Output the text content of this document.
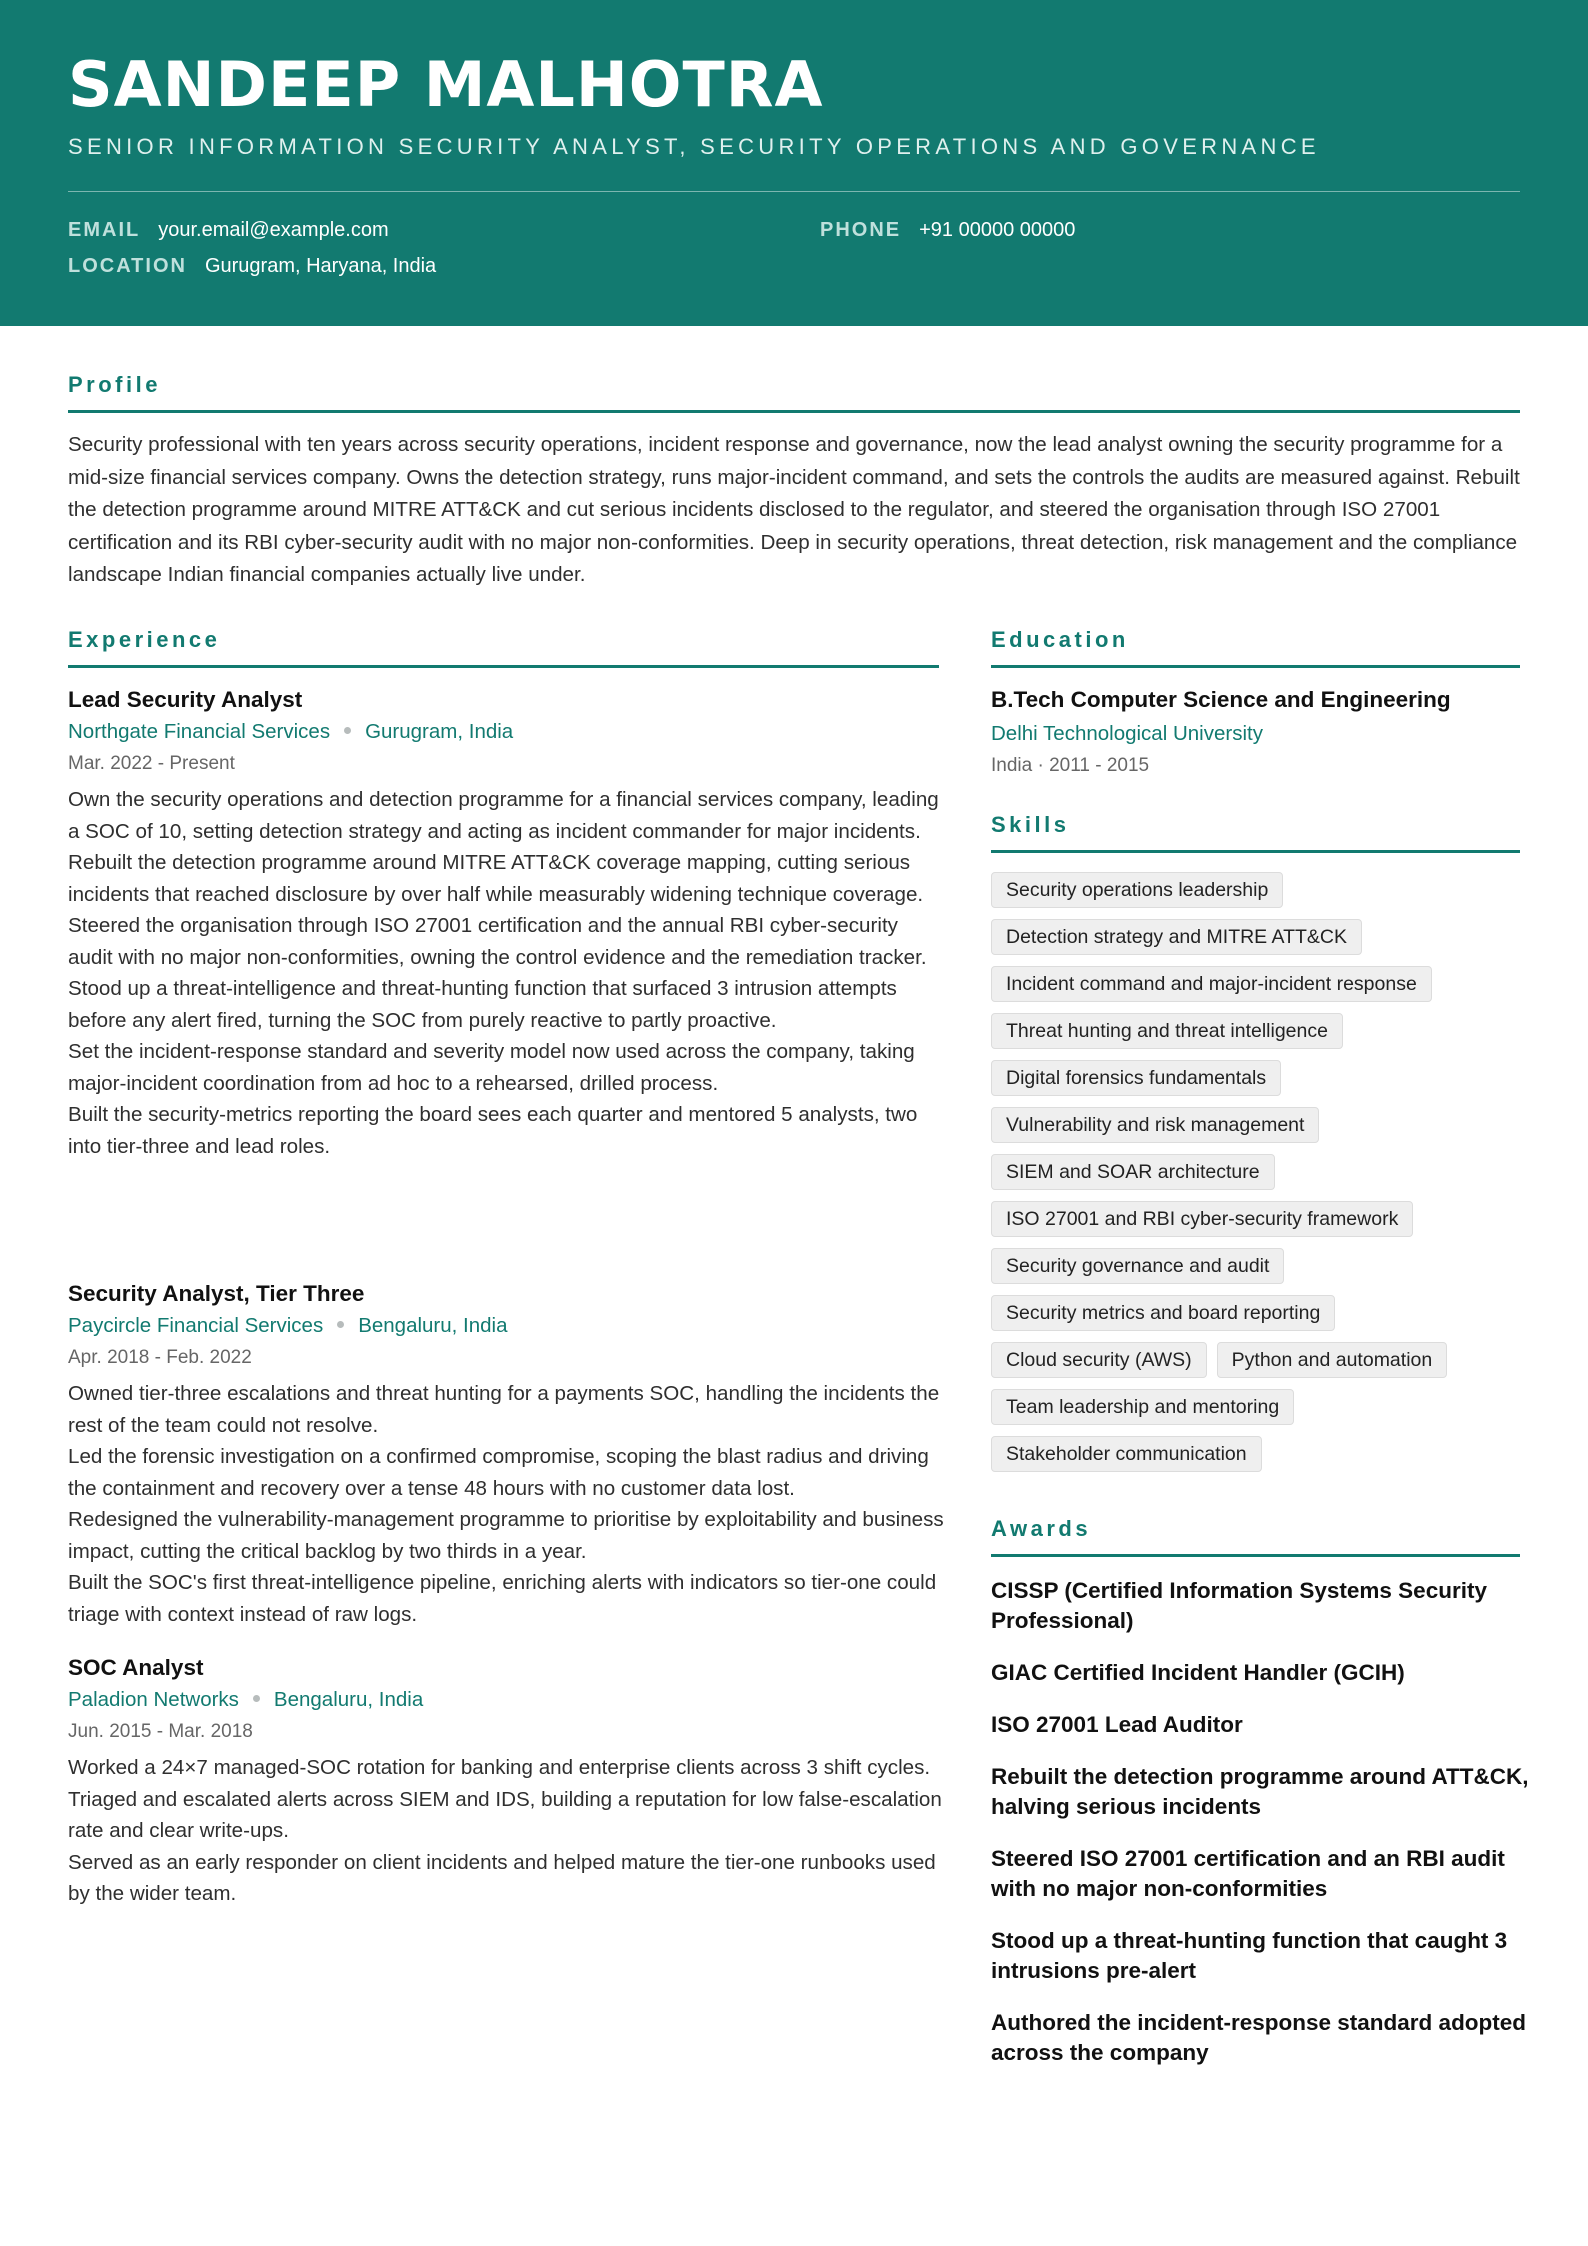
SANDEEP MALHOTRA
SENIOR INFORMATION SECURITY ANALYST, SECURITY OPERATIONS AND GOVERNANCE
EMAIL your.email@example.com	PHONE +91 00000 00000
LOCATION Gurugram, Haryana, India
Profile
Security professional with ten years across security operations, incident response and governance, now the lead analyst owning the security programme for a mid-size financial services company. Owns the detection strategy, runs major-incident command, and sets the controls the audits are measured against. Rebuilt the detection programme around MITRE ATT&CK and cut serious incidents disclosed to the regulator, and steered the organisation through ISO 27001 certification and its RBI cyber-security audit with no major non-conformities. Deep in security operations, threat detection, risk management and the compliance landscape Indian financial companies actually live under.
Experience
Lead Security Analyst
Northgate Financial Services Gurugram, India
Mar. 2022 - Present

Own the security operations and detection programme for a financial services company, leading a SOC of 10, setting detection strategy and acting as incident commander for major incidents.

Rebuilt the detection programme around MITRE ATT&CK coverage mapping, cutting serious incidents that reached disclosure by over half while measurably widening technique coverage.

Steered the organisation through ISO 27001 certification and the annual RBI cyber-security audit with no major non-conformities, owning the control evidence and the remediation tracker.

Stood up a threat-intelligence and threat-hunting function that surfaced 3 intrusion attempts before any alert fired, turning the SOC from purely reactive to partly proactive.

Set the incident-response standard and severity model now used across the company, taking major-incident coordination from ad hoc to a rehearsed, drilled process.

Built the security-metrics reporting the board sees each quarter and mentored 5 analysts, two into tier-three and lead roles.

Security Analyst, Tier Three
Paycircle Financial Services Bengaluru, India
Apr. 2018 - Feb. 2022

Owned tier-three escalations and threat hunting for a payments SOC, handling the incidents the rest of the team could not resolve.

Led the forensic investigation on a confirmed compromise, scoping the blast radius and driving the containment and recovery over a tense 48 hours with no customer data lost.

Redesigned the vulnerability-management programme to prioritise by exploitability and business impact, cutting the critical backlog by two thirds in a year.

Built the SOC's first threat-intelligence pipeline, enriching alerts with indicators so tier-one could triage with context instead of raw logs.

SOC Analyst
Paladion Networks Bengaluru, India
Jun. 2015 - Mar. 2018

Worked a 24×7 managed-SOC rotation for banking and enterprise clients across 3 shift cycles.

Triaged and escalated alerts across SIEM and IDS, building a reputation for low false-escalation rate and clear write-ups.

Served as an early responder on client incidents and helped mature the tier-one runbooks used by the wider team.

Education
B.Tech Computer Science and Engineering
Delhi Technological University
India · 2011 - 2015
Skills
Security operations leadership
Detection strategy and MITRE ATT&CK
Incident command and major-incident response
Threat hunting and threat intelligence
Digital forensics fundamentals
Vulnerability and risk management
SIEM and SOAR architecture
ISO 27001 and RBI cyber-security framework
Security governance and audit
Security metrics and board reporting
Cloud security (AWS)	Python and automation
Team leadership and mentoring
Stakeholder communication
Awards
CISSP (Certified Information Systems Security Professional)
GIAC Certified Incident Handler (GCIH)
ISO 27001 Lead Auditor
Rebuilt the detection programme around ATT&CK, halving serious incidents
Steered ISO 27001 certification and an RBI audit with no major non-conformities
Stood up a threat-hunting function that caught 3 intrusions pre-alert
Authored the incident-response standard adopted across the company
